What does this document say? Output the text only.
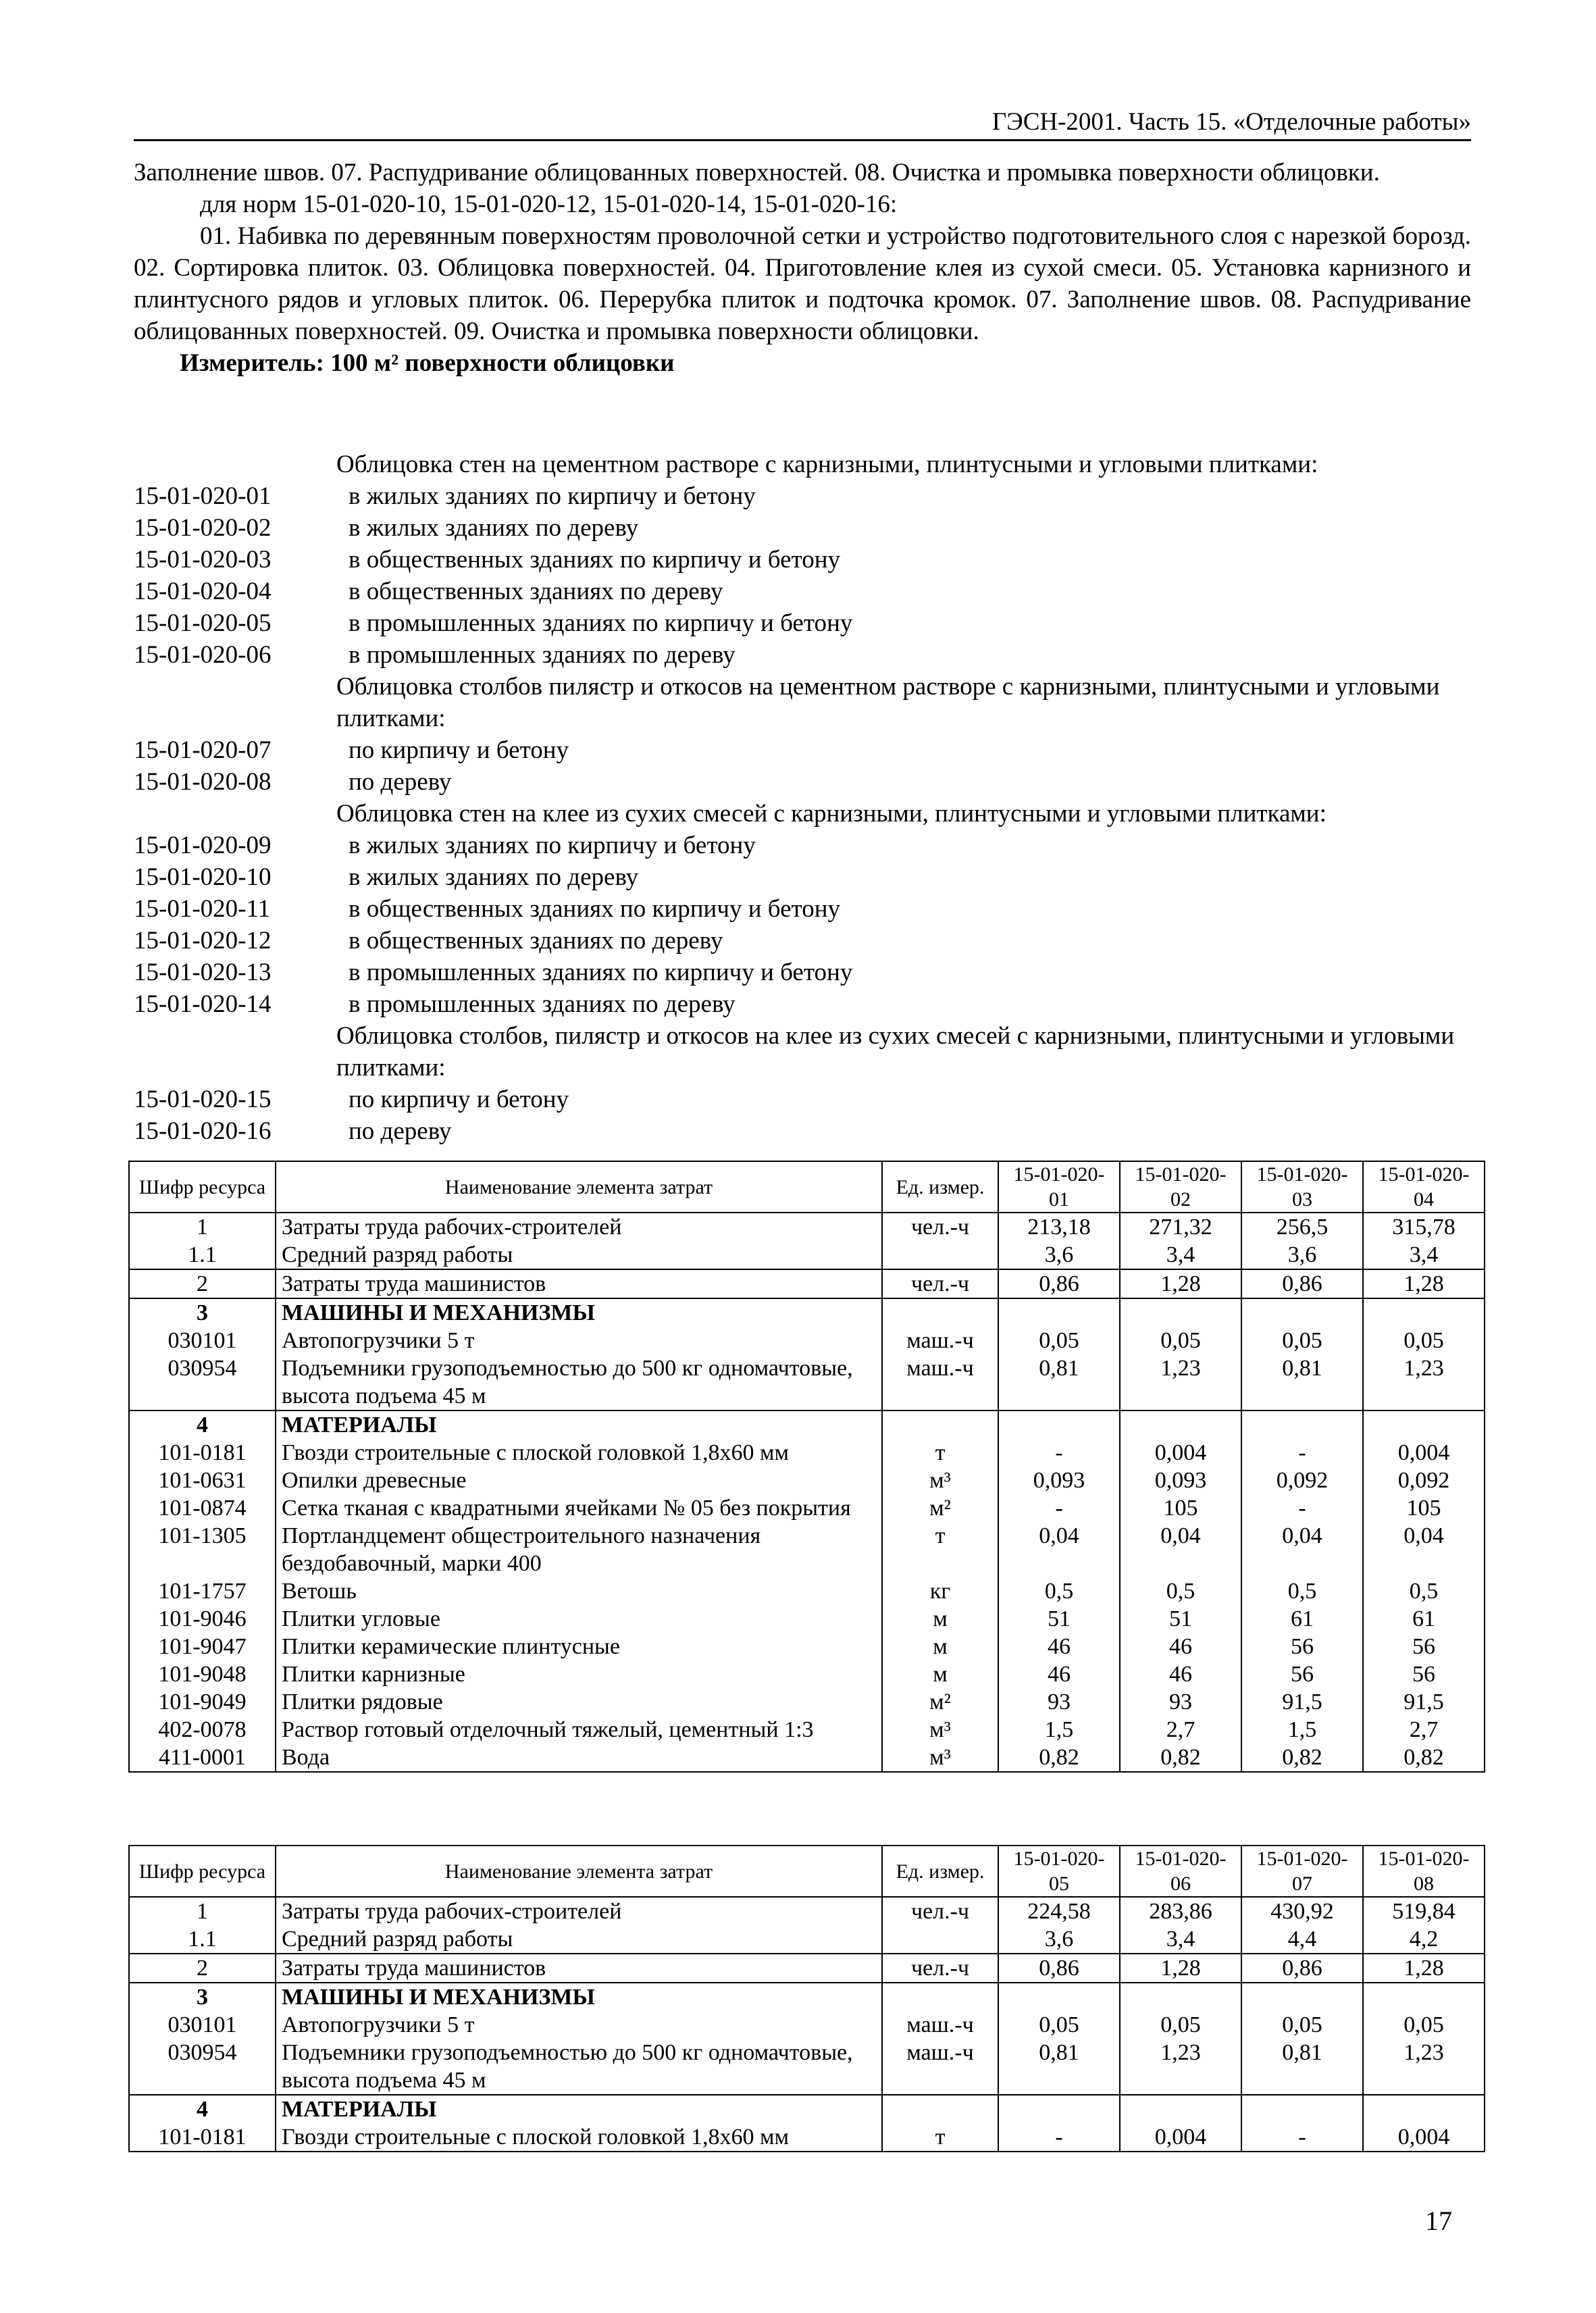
ГЭСН-2001. Часть 15. «Отделочные работы»

Заполнение швов. 07. Распудривание облицованных поверхностей. 08. Очистка и промывка поверхности облицовки.

для норм 15-01-020-10, 15-01-020-12, 15-01-020-14, 15-01-020-16:

01. Набивка по деревянным поверхностям проволочной сетки и устройство подготовительного слоя с нарезкой борозд. 02. Сортировка плиток. 03. Облицовка поверхностей. 04. Приготовление клея из сухой смеси. 05. Установка карнизного и плинтусного рядов и угловых плиток. 06. Перерубка плиток и подточка кромок. 07. Заполнение швов. 08. Распудривание облицованных поверхностей. 09. Очистка и промывка поверхности облицовки.

Измеритель: 100 м² поверхности облицовки

Облицовка стен на цементном растворе с карнизными, плинтусными и угловыми плитками:
15-01-020-01	в жилых зданиях по кирпичу и бетону
15-01-020-02	в жилых зданиях по дереву
15-01-020-03	в общественных зданиях по кирпичу и бетону
15-01-020-04	в общественных зданиях по дереву
15-01-020-05	в промышленных зданиях по кирпичу и бетону
15-01-020-06	в промышленных зданиях по дереву
Облицовка столбов пилястр и откосов на цементном растворе с карнизными, плинтусными и угловыми плитками:
15-01-020-07	по кирпичу и бетону
15-01-020-08	по дереву
Облицовка стен на клее из сухих смесей с карнизными, плинтусными и угловыми плитками:
15-01-020-09	в жилых зданиях по кирпичу и бетону
15-01-020-10	в жилых зданиях по дереву
15-01-020-11	в общественных зданиях по кирпичу и бетону
15-01-020-12	в общественных зданиях по дереву
15-01-020-13	в промышленных зданиях по кирпичу и бетону
15-01-020-14	в промышленных зданиях по дереву
Облицовка столбов, пилястр и откосов на клее из сухих смесей с карнизными, плинтусными и угловыми плитками:
15-01-020-15	по кирпичу и бетону
15-01-020-16	по дереву
Шифр ресурса	Наименование элемента затрат	Ед. измер.	15-01-020-01	15-01-020-02	15-01-020-03	15-01-020-04
1	Затраты труда рабочих-строителей	чел.-ч	213,18	271,32	256,5	315,78
1.1	Средний разряд работы		3,6	3,4	3,6	3,4
2	Затраты труда машинистов	чел.-ч	0,86	1,28	0,86	1,28
3	МАШИНЫ И МЕХАНИЗМЫ					
030101	Автопогрузчики 5 т	маш.-ч	0,05	0,05	0,05	0,05
030954	Подъемники грузоподъемностью до 500 кг одномачтовые, высота подъема 45 м	маш.-ч	0,81	1,23	0,81	1,23
4	МАТЕРИАЛЫ					
101-0181	Гвозди строительные с плоской головкой 1,8х60 мм	т	-	0,004	-	0,004
101-0631	Опилки древесные	м³	0,093	0,093	0,092	0,092
101-0874	Сетка тканая с квадратными ячейками № 05 без покрытия	м²	-	105	-	105
101-1305	Портландцемент общестроительного назначения бездобавочный, марки 400	т	0,04	0,04	0,04	0,04
101-1757	Ветошь	кг	0,5	0,5	0,5	0,5
101-9046	Плитки угловые	м	51	51	61	61
101-9047	Плитки керамические плинтусные	м	46	46	56	56
101-9048	Плитки карнизные	м	46	46	56	56
101-9049	Плитки рядовые	м²	93	93	91,5	91,5
402-0078	Раствор готовый отделочный тяжелый, цементный 1:3	м³	1,5	2,7	1,5	2,7
411-0001	Вода	м³	0,82	0,82	0,82	0,82
Шифр ресурса	Наименование элемента затрат	Ед. измер.	15-01-020-05	15-01-020-06	15-01-020-07	15-01-020-08
1	Затраты труда рабочих-строителей	чел.-ч	224,58	283,86	430,92	519,84
1.1	Средний разряд работы		3,6	3,4	4,4	4,2
2	Затраты труда машинистов	чел.-ч	0,86	1,28	0,86	1,28
3	МАШИНЫ И МЕХАНИЗМЫ					
030101	Автопогрузчики 5 т	маш.-ч	0,05	0,05	0,05	0,05
030954	Подъемники грузоподъемностью до 500 кг одномачтовые, высота подъема 45 м	маш.-ч	0,81	1,23	0,81	1,23
4	МАТЕРИАЛЫ					
101-0181	Гвозди строительные с плоской головкой 1,8х60 мм	т	-	0,004	-	0,004
17
